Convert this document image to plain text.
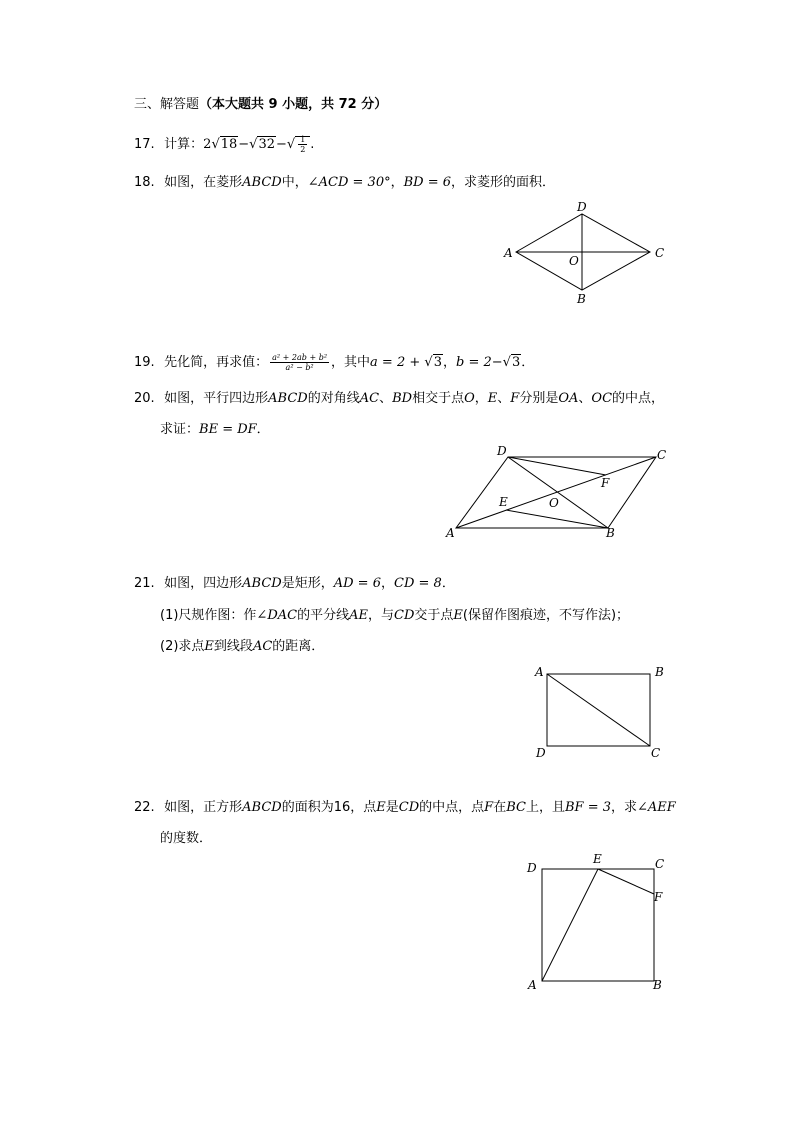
三、解答题（本大题共 9 小题，共 72 分）
17. 计算：$2√18-√32-√ \frac{1}{2}$ .
18. 如图，在菱形ABCD中，∠ACD = 30°，BD = 6，求菱形的面积．
D
A	C
B
O
19. 先化简，再求值： $\frac{\text{a² + 2ab + b²}}{\text{a² − b²}}$ ，其中a = 2 + √3，b = 2−√3．
20. 如图，平行四边形ABCD的对角线AC、BD相交于点O，E、F分别是OA、OC的中点，
求证：BE = DF．
D	C
A	B
E
F
O
21. 如图，四边形ABCD是矩形，AD = 6，CD = 8．
(1)尺规作图：作∠DAC的平分线AE，与CD交于点E(保留作图痕迹，不写作法)；
(2)求点E到线段AC的距离．
A	B
D	C
22. 如图，正方形ABCD的面积为16，点E是CD的中点，点F在BC上，且BF = 3，求∠AEF
的度数．
D
E	C
F
A	B
